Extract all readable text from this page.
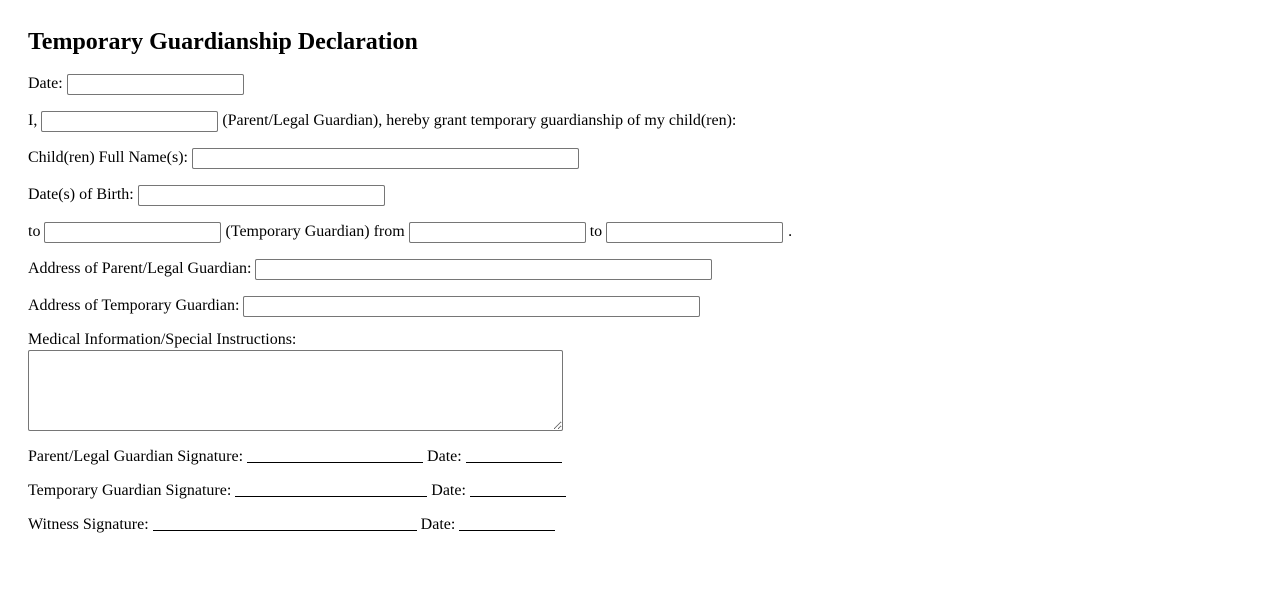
Temporary Guardianship Declaration
Date:
I,	(Parent/Legal Guardian), hereby grant temporary guardianship of my child(ren):
Child(ren) Full Name(s):
Date(s) of Birth:
to	(Temporary Guardian) from	to	.
Address of Parent/Legal Guardian:
Address of Temporary Guardian:
Medical Information/Special Instructions:
Parent/Legal Guardian Signature:	Date:
Temporary Guardian Signature:	Date:
Witness Signature:	Date:
